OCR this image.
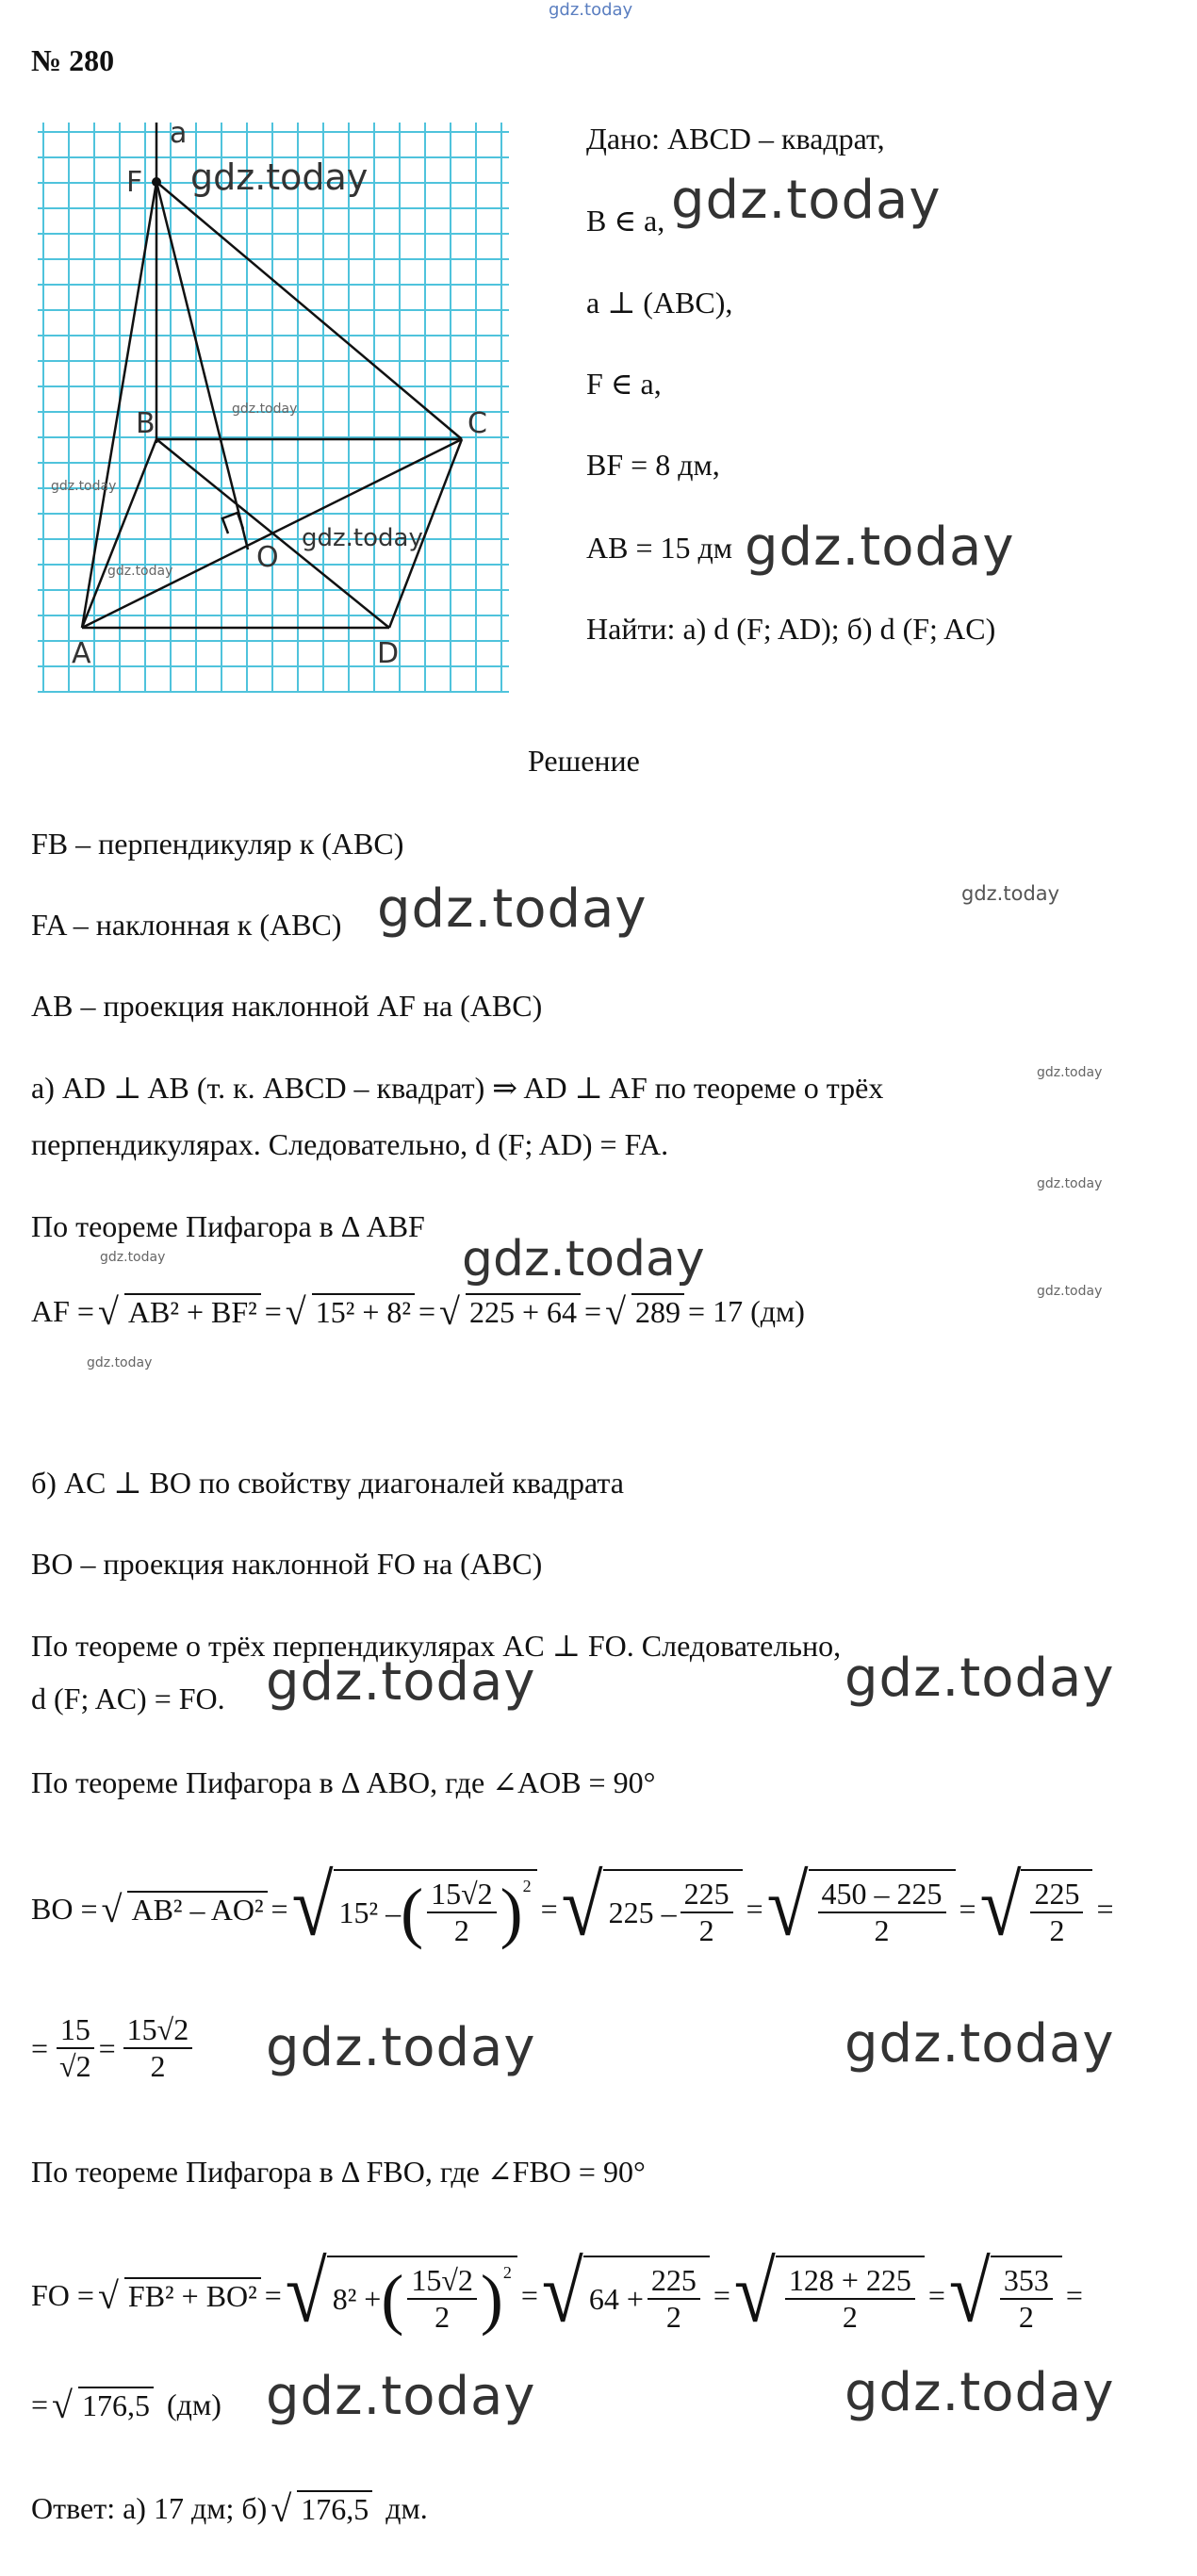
gdz.today
№ 280
a
F
B	C
O
A	D
gdz.today
gdz.today
gdz.today
gdz.today
gdz.today
Дано: ABCD – квадрат,
B ∈ a, gdz.today
a ⊥ (ABC),
F ∈ a,
BF = 8 дм,
AB = 15 дм gdz.today
Найти: а) d (F; AD); б) d (F; AC)
Решение
FB – перпендикуляр к (ABC)
FA – наклонная к (ABC) gdz.today	gdz.today
AB – проекция наклонной AF на (ABC)
а) AD ⊥ AB (т. к. ABCD – квадрат) ⇒ AD ⊥ AF по теореме о трёх	gdz.today
перпендикулярах. Следовательно, d (F; AD) = FA.
gdz.today
По теореме Пифагора в Δ ABF
gdz.today	gdz.today
gdz.today
AF = √ AB² + BF² = √ 15² + 8² = √ 225 + 64 = √ 289 = 17 (дм)
gdz.today
б) AC ⊥ BO по свойству диагоналей квадрата
BO – проекция наклонной FO на (ABC)
По теореме о трёх перпендикулярах AC ⊥ FO. Следовательно,
d (F; AC) = FO. gdz.today	gdz.today
По теореме Пифагора в Δ ABO, где ∠AOB = 90°
BO = √ AB² – AO² = √ 15² – ( $\frac{15√2}{2} )^2$
= √ $225 - \frac{225}{2}$ = √ $\frac{450 - 225}{2}$ = √ $\frac{225}{2}$ =
= $\frac{15}{√2} = \frac{15√2}{2}$ gdz.today	gdz.today
По теореме Пифагора в Δ FBO, где ∠FBO = 90°
FO = √ FB² + BO² = √ 8² + ( $\frac{15√2}{2} )^2$
= √ $64 + \frac{225}{2}$ = √ $\frac{128 + 225}{2}$ = √ $\frac{353}{2}$ =
= √ 176,5 (дм) gdz.today	gdz.today
Ответ: а) 17 дм; б) √ 176,5 дм.
